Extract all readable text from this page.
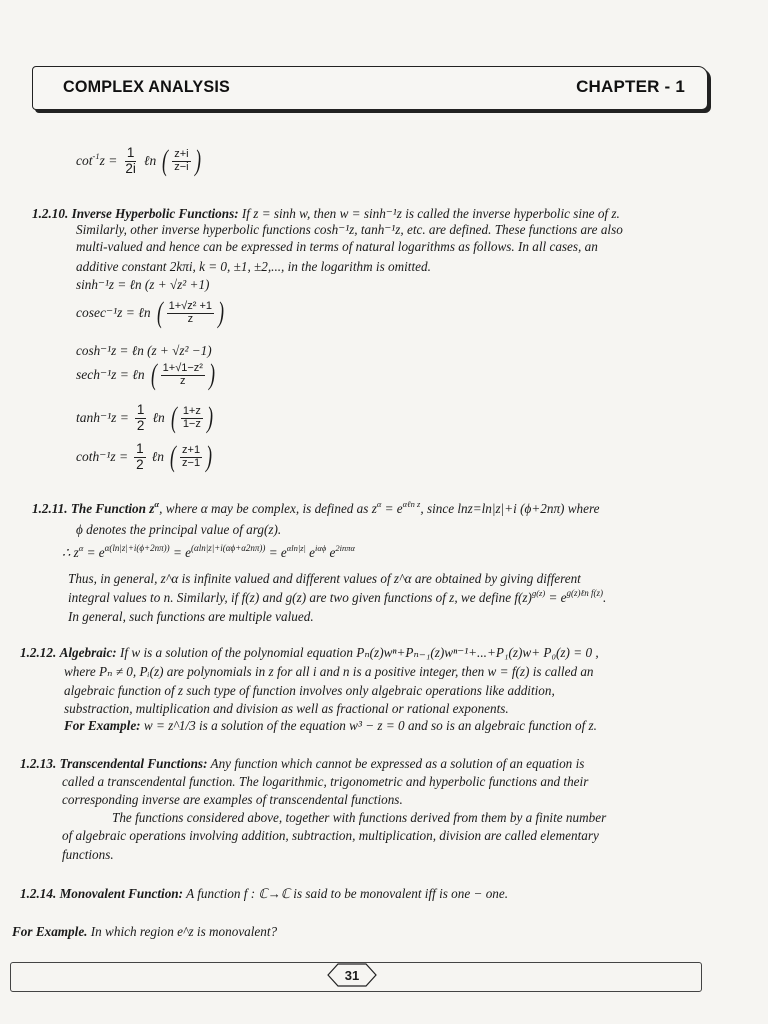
COMPLEX ANALYSIS	CHAPTER - 1
$\cot^{-1}z = \frac{1}{2i}$ ℓn ( $\frac{z+i}{z-i}$ )
1.2.10. Inverse Hyperbolic Functions: If z = sinh w, then w = sinh⁻¹z is called the inverse hyperbolic sine of z.
Similarly, other inverse hyperbolic functions cosh⁻¹z, tanh⁻¹z, etc. are defined. These functions are also
multi-valued and hence can be expressed in terms of natural logarithms as follows. In all cases, an
additive constant 2kπi, k = 0, ±1, ±2,..., in the logarithm is omitted.
sinh⁻¹z = ℓn (z + √z² +1)
cosec⁻¹z = ℓn ( $\frac{\text{1+√z² +1}}{z}$ )
cosh⁻¹z = ℓn (z + √z² −1)
sech⁻¹z = ℓn ( $\frac{\text{1+√1−z²}}{z}$ )
$\tanh^{-1}z = \frac{1}{2}$ ℓn ( $\frac{1+z}{1-z}$ )
$\cot h^{-1}z = \frac{1}{2}$ ℓn ( $\frac{z+1}{z-1}$ )
1.2.11. The Function $z^\alpha$, where α may be complex, is defined as $z^\alpha = e^{\alpha\ell n z}$, since lnz=ln|z|+i (ϕ+2nπ) where
ϕ denotes the principal value of arg(z).
∴ $z^\alpha = e^{\alpha(ln|z|+i(\phi+2n\pi))} = e^{(\alpha ln|z|+i(\alpha\phi+\alpha 2n\pi))} = e^{\alpha ln|z|}$ $e^{i\alpha\phi}$ $e^{2in\pi\alpha}$
Thus, in general, z^α is infinite valued and different values of z^α are obtained by giving different
integral values to n. Similarly, if f(z) and g(z) are two given functions of z, we define $f(z)^{g(z)} = e^{g(z)\ell n f(z)}$.
In general, such functions are multiple valued.
1.2.12. Algebraic: If w is a solution of the polynomial equation Pₙ(z)wⁿ+Pₙ₋₁(z)wⁿ⁻¹+...+P₁(z)w+ P₀(z) = 0 ,
where Pₙ ≠ 0, Pᵢ(z) are polynomials in z for all i and n is a positive integer, then w = f(z) is called an
algebraic function of z such type of function involves only algebraic operations like addition,
substraction, multiplication and division as well as fractional or rational exponents.
For Example: w = z^1/3 is a solution of the equation w³ − z = 0 and so is an algebraic function of z.
1.2.13. Transcendental Functions: Any function which cannot be expressed as a solution of an equation is
called a transcendental function. The logarithmic, trigonometric and hyperbolic functions and their
corresponding inverse are examples of transcendental functions.
The functions considered above, together with functions derived from them by a finite number
of algebraic operations involving addition, subtraction, multiplication, division are called elementary
functions.
1.2.14. Monovalent Function: A function f : ℂ→ℂ is said to be monovalent iff is one − one.
For Example. In which region e^z is monovalent?
31
